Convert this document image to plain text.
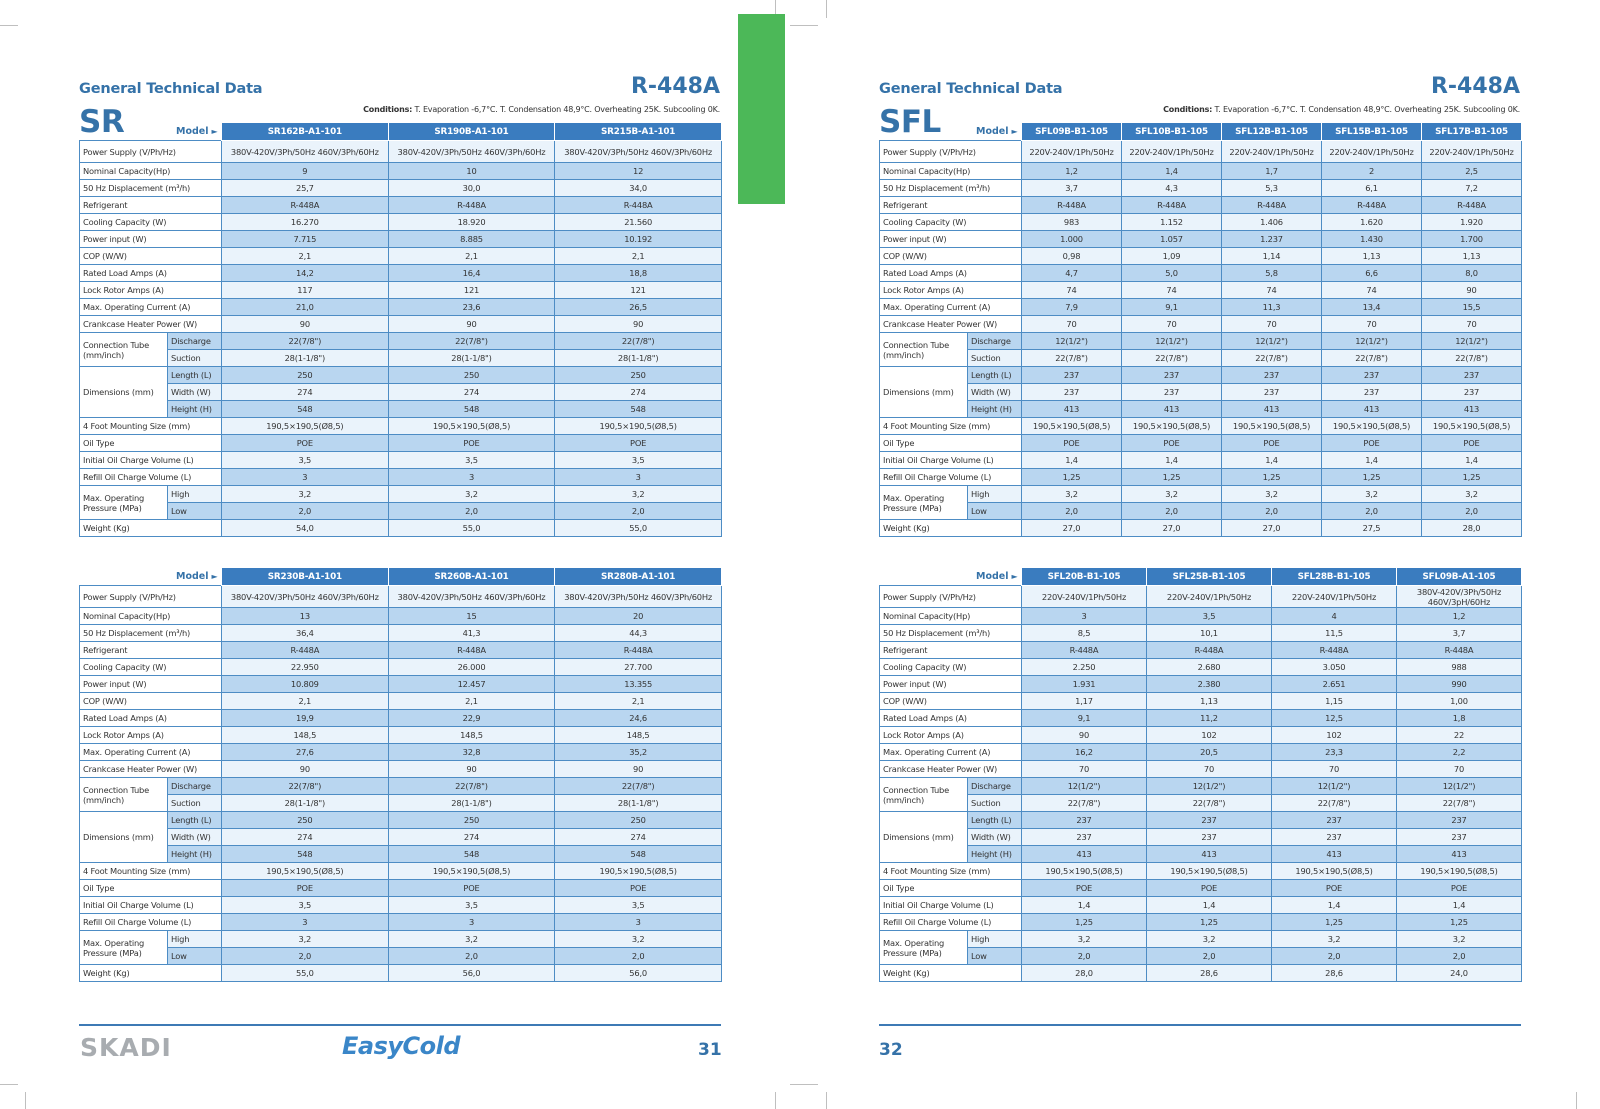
General Technical Data	R-448A
Conditions: T. Evaporation -6,7°C. T. Condensation 48,9°C. Overheating 25K. Subcooling 0K.
SR	Model ►
		SR162B-A1-101	SR190B-A1-101	SR215B-A1-101
Power Supply (V/Ph/Hz)		380V-420V/3Ph/50Hz 460V/3Ph/60Hz	380V-420V/3Ph/50Hz 460V/3Ph/60Hz	380V-420V/3Ph/50Hz 460V/3Ph/60Hz
Nominal Capacity(Hp)		9	10	12
50 Hz Displacement (m³/h)		25,7	30,0	34,0
Refrigerant		R-448A	R-448A	R-448A
Cooling Capacity (W)		16.270	18.920	21.560
Power input (W)		7.715	8.885	10.192
COP (W/W)		2,1	2,1	2,1
Rated Load Amps (A)		14,2	16,4	18,8
Lock Rotor Amps (A)		117	121	121
Max. Operating Current (A)		21,0	23,6	26,5
Crankcase Heater Power (W)		90	90	90
Connection Tube (mm/inch)	Discharge	22(7/8")	22(7/8")	22(7/8")
	Suction	28(1-1/8")	28(1-1/8")	28(1-1/8")
Dimensions (mm)	Length (L)	250	250	250
	Width (W)	274	274	274
	Height (H)	548	548	548
4 Foot Mounting Size (mm)		190,5×190,5(Ø8,5)	190,5×190,5(Ø8,5)	190,5×190,5(Ø8,5)
Oil Type		POE	POE	POE
Initial Oil Charge Volume (L)		3,5	3,5	3,5
Refill Oil Charge Volume (L)		3	3	3
Max. Operating Pressure (MPa)	High	3,2	3,2	3,2
	Low	2,0	2,0	2,0
Weight (Kg)		54,0	55,0	55,0
Model ►
		SR230B-A1-101	SR260B-A1-101	SR280B-A1-101
Power Supply (V/Ph/Hz)		380V-420V/3Ph/50Hz 460V/3Ph/60Hz	380V-420V/3Ph/50Hz 460V/3Ph/60Hz	380V-420V/3Ph/50Hz 460V/3Ph/60Hz
Nominal Capacity(Hp)		13	15	20
50 Hz Displacement (m³/h)		36,4	41,3	44,3
Refrigerant		R-448A	R-448A	R-448A
Cooling Capacity (W)		22.950	26.000	27.700
Power input (W)		10.809	12.457	13.355
COP (W/W)		2,1	2,1	2,1
Rated Load Amps (A)		19,9	22,9	24,6
Lock Rotor Amps (A)		148,5	148,5	148,5
Max. Operating Current (A)		27,6	32,8	35,2
Crankcase Heater Power (W)		90	90	90
Connection Tube (mm/inch)	Discharge	22(7/8")	22(7/8")	22(7/8")
	Suction	28(1-1/8")	28(1-1/8")	28(1-1/8")
Dimensions (mm)	Length (L)	250	250	250
	Width (W)	274	274	274
	Height (H)	548	548	548
4 Foot Mounting Size (mm)		190,5×190,5(Ø8,5)	190,5×190,5(Ø8,5)	190,5×190,5(Ø8,5)
Oil Type		POE	POE	POE
Initial Oil Charge Volume (L)		3,5	3,5	3,5
Refill Oil Charge Volume (L)		3	3	3
Max. Operating Pressure (MPa)	High	3,2	3,2	3,2
	Low	2,0	2,0	2,0
Weight (Kg)		55,0	56,0	56,0
SKADI	EasyCold	31
General Technical Data	R-448A
Conditions: T. Evaporation -6,7°C. T. Condensation 48,9°C. Overheating 25K. Subcooling 0K.
SFL	Model ►
		SFL09B-B1-105	SFL10B-B1-105	SFL12B-B1-105	SFL15B-B1-105	SFL17B-B1-105
Power Supply (V/Ph/Hz)		220V-240V/1Ph/50Hz	220V-240V/1Ph/50Hz	220V-240V/1Ph/50Hz	220V-240V/1Ph/50Hz	220V-240V/1Ph/50Hz
Nominal Capacity(Hp)		1,2	1,4	1,7	2	2,5
50 Hz Displacement (m³/h)		3,7	4,3	5,3	6,1	7,2
Refrigerant		R-448A	R-448A	R-448A	R-448A	R-448A
Cooling Capacity (W)		983	1.152	1.406	1.620	1.920
Power input (W)		1.000	1.057	1.237	1.430	1.700
COP (W/W)		0,98	1,09	1,14	1,13	1,13
Rated Load Amps (A)		4,7	5,0	5,8	6,6	8,0
Lock Rotor Amps (A)		74	74	74	74	90
Max. Operating Current (A)		7,9	9,1	11,3	13,4	15,5
Crankcase Heater Power (W)		70	70	70	70	70
Connection Tube (mm/inch)	Discharge	12(1/2")	12(1/2")	12(1/2")	12(1/2")	12(1/2")
	Suction	22(7/8")	22(7/8")	22(7/8")	22(7/8")	22(7/8")
Dimensions (mm)	Length (L)	237	237	237	237	237
	Width (W)	237	237	237	237	237
	Height (H)	413	413	413	413	413
4 Foot Mounting Size (mm)		190,5×190,5(Ø8,5)	190,5×190,5(Ø8,5)	190,5×190,5(Ø8,5)	190,5×190,5(Ø8,5)	190,5×190,5(Ø8,5)
Oil Type		POE	POE	POE	POE	POE
Initial Oil Charge Volume (L)		1,4	1,4	1,4	1,4	1,4
Refill Oil Charge Volume (L)		1,25	1,25	1,25	1,25	1,25
Max. Operating Pressure (MPa)	High	3,2	3,2	3,2	3,2	3,2
	Low	2,0	2,0	2,0	2,0	2,0
Weight (Kg)		27,0	27,0	27,0	27,5	28,0
Model ►
		SFL20B-B1-105	SFL25B-B1-105	SFL28B-B1-105	SFL09B-A1-105
Power Supply (V/Ph/Hz)		220V-240V/1Ph/50Hz	220V-240V/1Ph/50Hz	220V-240V/1Ph/50Hz	380V-420V/3Ph/50Hz 460V/3pH/60Hz
Nominal Capacity(Hp)		3	3,5	4	1,2
50 Hz Displacement (m³/h)		8,5	10,1	11,5	3,7
Refrigerant		R-448A	R-448A	R-448A	R-448A
Cooling Capacity (W)		2.250	2.680	3.050	988
Power input (W)		1.931	2.380	2.651	990
COP (W/W)		1,17	1,13	1,15	1,00
Rated Load Amps (A)		9,1	11,2	12,5	1,8
Lock Rotor Amps (A)		90	102	102	22
Max. Operating Current (A)		16,2	20,5	23,3	2,2
Crankcase Heater Power (W)		70	70	70	70
Connection Tube (mm/inch)	Discharge	12(1/2")	12(1/2")	12(1/2")	12(1/2")
	Suction	22(7/8")	22(7/8")	22(7/8")	22(7/8")
Dimensions (mm)	Length (L)	237	237	237	237
	Width (W)	237	237	237	237
	Height (H)	413	413	413	413
4 Foot Mounting Size (mm)		190,5×190,5(Ø8,5)	190,5×190,5(Ø8,5)	190,5×190,5(Ø8,5)	190,5×190,5(Ø8,5)
Oil Type		POE	POE	POE	POE
Initial Oil Charge Volume (L)		1,4	1,4	1,4	1,4
Refill Oil Charge Volume (L)		1,25	1,25	1,25	1,25
Max. Operating Pressure (MPa)	High	3,2	3,2	3,2	3,2
	Low	2,0	2,0	2,0	2,0
Weight (Kg)		28,0	28,6	28,6	24,0
32
